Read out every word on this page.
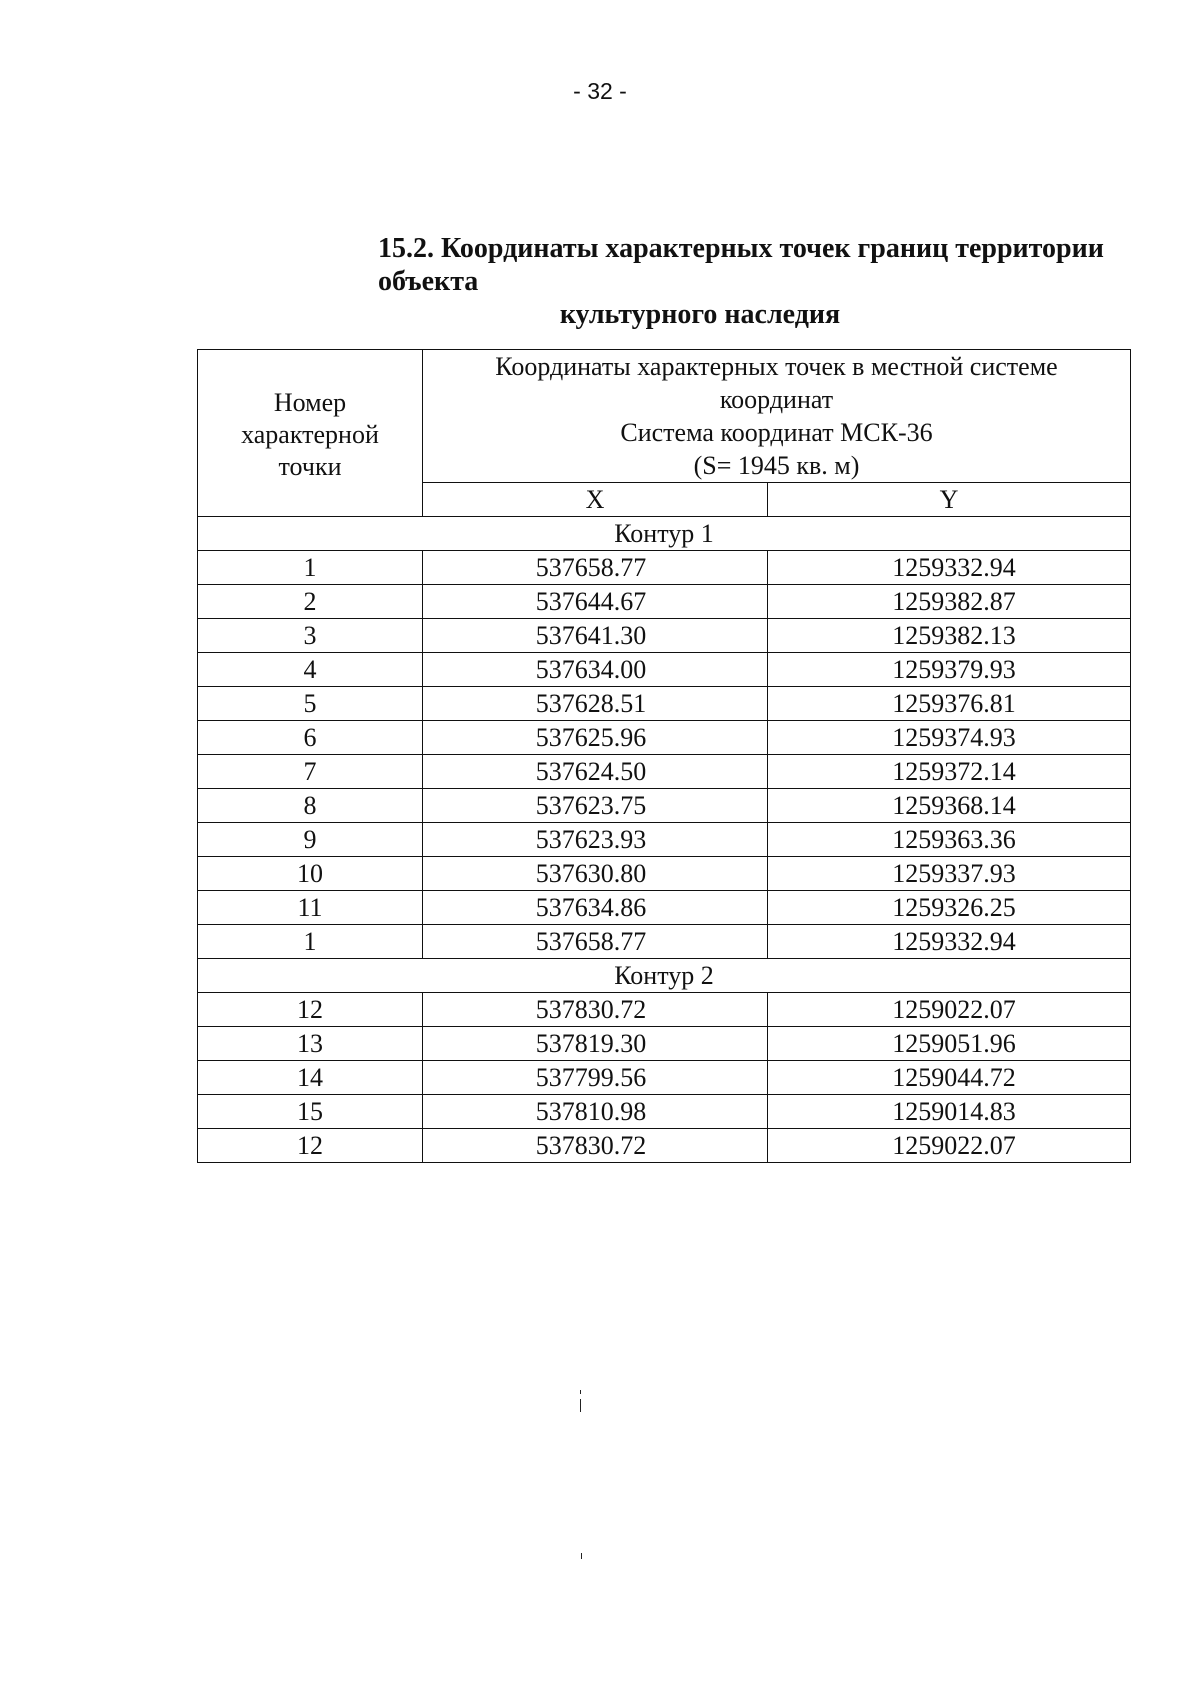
- 32 -
15.2. Координаты характерных точек границ территории объекта
культурного наследия
Номер
характерной
точки	Координаты характерных точек в местной системе
координат
Система координат МСК-36
(S= 1945 кв. м)	

	X	Y
Контур 1		
1	537658.77	1259332.94
2	537644.67	1259382.87
3	537641.30	1259382.13
4	537634.00	1259379.93
5	537628.51	1259376.81
6	537625.96	1259374.93
7	537624.50	1259372.14
8	537623.75	1259368.14
9	537623.93	1259363.36
10	537630.80	1259337.93
11	537634.86	1259326.25
1	537658.77	1259332.94
Контур 2		
12	537830.72	1259022.07
13	537819.30	1259051.96
14	537799.56	1259044.72
15	537810.98	1259014.83
12	537830.72	1259022.07
